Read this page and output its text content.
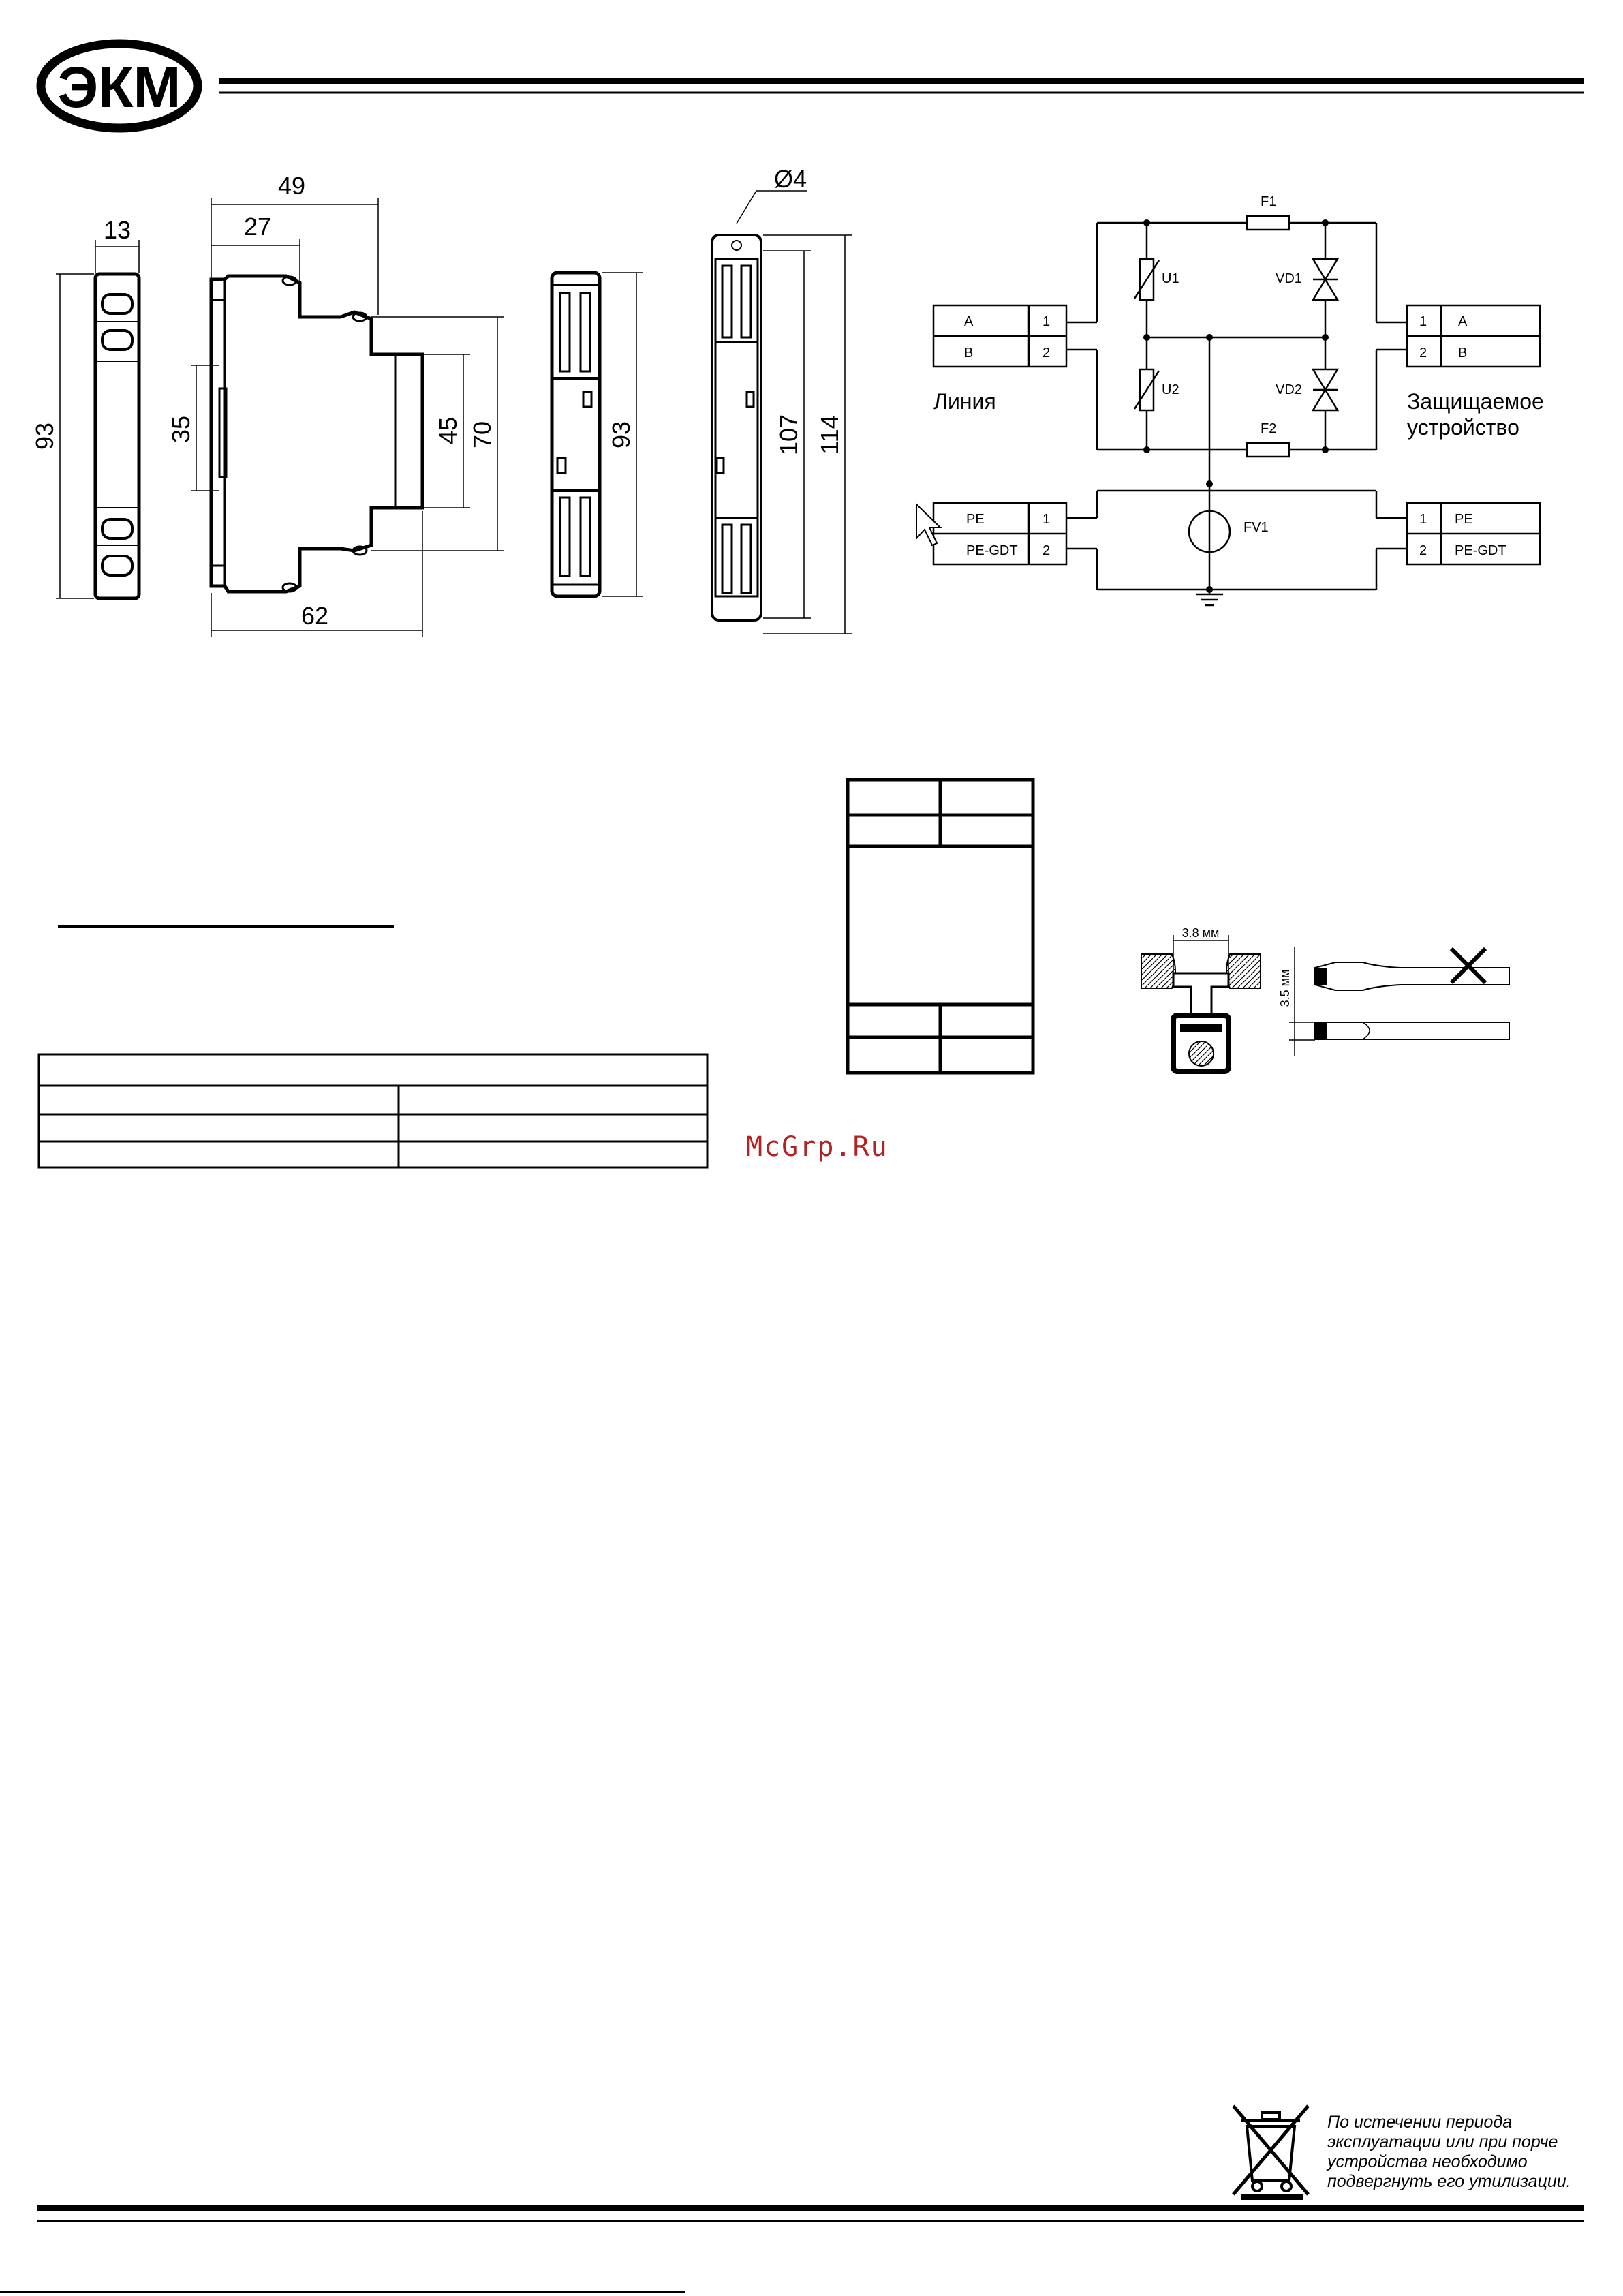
ЭКМ
13
93
49
27
35	45 70
62
93
Ø4
107 114
A	1
B	2
1 A
2 B
PE	1
PE-GDT 2
1 PE
2 PE-GDT
F1
F2
U1
U2
VD1
VD2
FV1
Линия	Защищаемое
устройство
3.8 мм
3.5 мм
McGrp.Ru
По истечении периода
эксплуатации или при порче
устройства необходимо
подвергнуть его утилизации.
